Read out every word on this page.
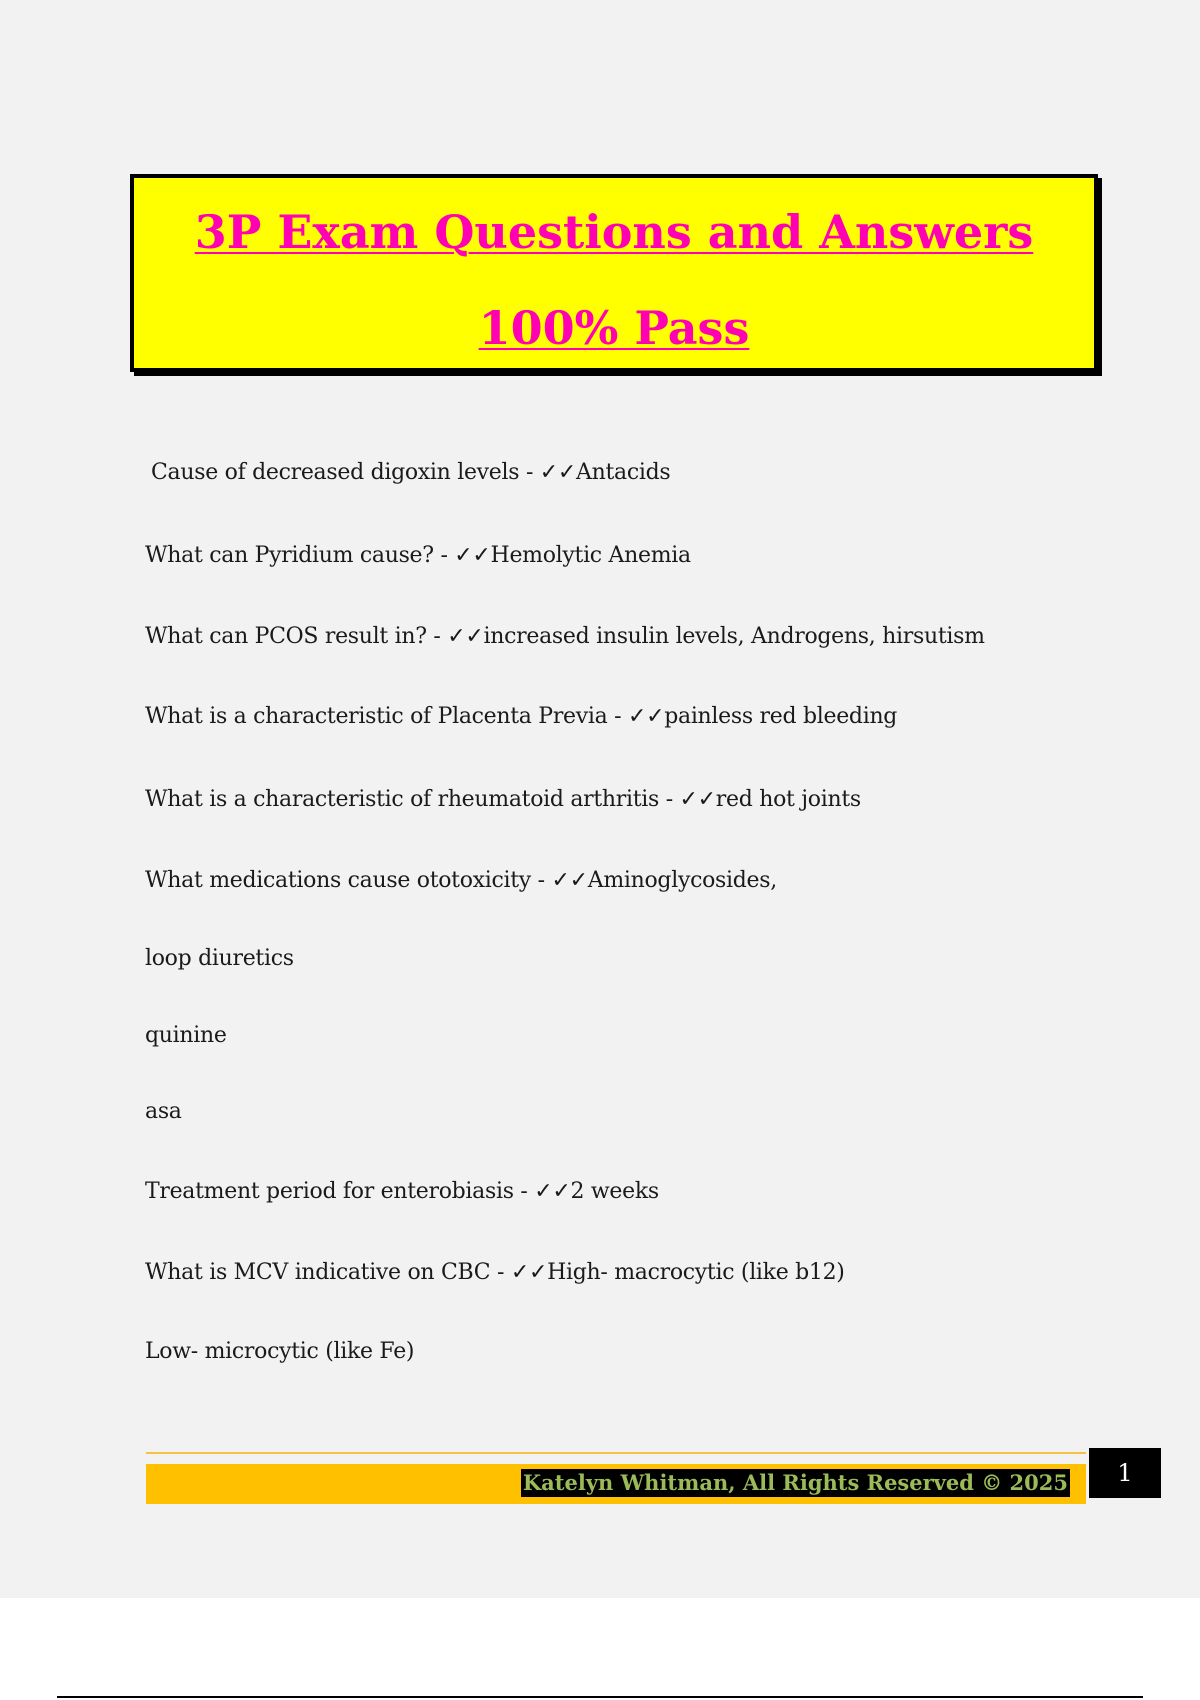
3P Exam Questions and Answers 100% Pass
Cause of decreased digoxin levels - ✓✓Antacids
What can Pyridium cause? - ✓✓Hemolytic Anemia
What can PCOS result in? - ✓✓increased insulin levels, Androgens, hirsutism
What is a characteristic of Placenta Previa - ✓✓painless red bleeding
What is a characteristic of rheumatoid arthritis - ✓✓red hot joints
What medications cause ototoxicity - ✓✓Aminoglycosides,
loop diuretics
quinine
asa
Treatment period for enterobiasis - ✓✓2 weeks
What is MCV indicative on CBC - ✓✓High- macrocytic (like b12)
Low- microcytic (like Fe)
Katelyn Whitman, All Rights Reserved © 2025	1
